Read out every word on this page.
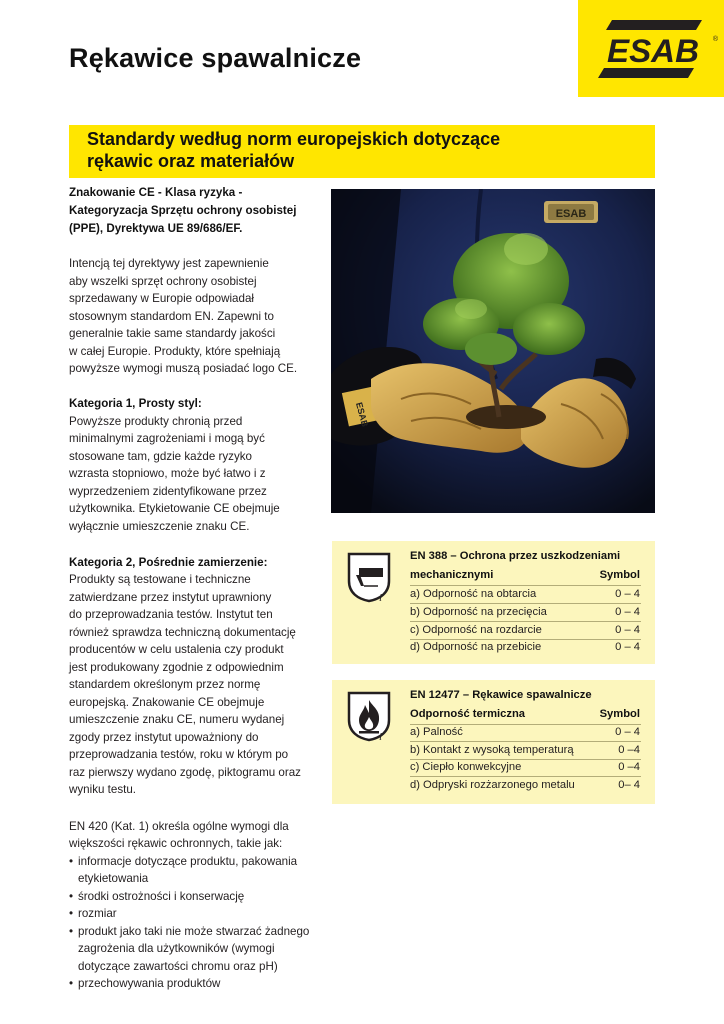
ESAB ®
Rękawice spawalnicze
Standardy według norm europejskich dotyczące
rękawic oraz materiałów
Znakowanie CE - Klasa ryzyka -
Kategoryzacja Sprzętu ochrony osobistej
(PPE), Dyrektywa UE 89/686/EF.
Intencją tej dyrektywy jest zapewnienie
aby wszelki sprzęt ochrony osobistej
sprzedawany w Europie odpowiadał
stosownym standardom EN. Zapewni to
generalnie takie same standardy jakości
w całej Europie. Produkty, które spełniają
powyższe wymogi muszą posiadać logo CE.
Kategoria 1, Prosty styl:
Powyższe produkty chronią przed
minimalnymi zagrożeniami i mogą być
stosowane tam, gdzie każde ryzyko
wzrasta stopniowo, może być łatwo i z
wyprzedzeniem zidentyfikowane przez
użytkownika. Etykietowanie CE obejmuje
wyłącznie umieszczenie znaku CE.
Kategoria 2, Pośrednie zamierzenie:
Produkty są testowane i techniczne
zatwierdzane przez instytut uprawniony
do przeprowadzania testów. Instytut ten
również sprawdza techniczną dokumentację
producentów w celu ustalenia czy produkt
jest produkowany zgodnie z odpowiednim
standardem określonym przez normę
europejską. Znakowanie CE obejmuje
umieszczenie znaku CE, numeru wydanej
zgody przez instytut upoważniony do
przeprowadzania testów, roku w którym po
raz pierwszy wydano zgodę, piktogramu oraz
wyniku testu.
EN 420 (Kat. 1) określa ogólne wymogi dla
większości rękawic ochronnych, takie jak:
• informacje dotyczące produktu, pakowania
etykietowania
• środki ostrożności i konserwację
• rozmiar
• produkt jako taki nie może stwarzać żadnego
zagrożenia dla użytkowników (wymogi
dotyczące zawartości chromu oraz pH)
• przechowywania produktów
ESAB
ESAB
i
EN 388 – Ochrona przez uszkodzeniami
mechanicznymi	Symbol
a) Odporność na obtarcia	0 – 4
b) Odporność na przecięcia	0 – 4
c) Odporność na rozdarcie	0 – 4
d) Odporność na przebicie	0 – 4
i
EN 12477 – Rękawice spawalnicze
Odporność termiczna	Symbol
a) Palność	0 – 4
b) Kontakt z wysoką temperaturą	0 –4
c) Ciepło konwekcyjne	0 –4
d) Odpryski rozżarzonego metalu	0– 4
